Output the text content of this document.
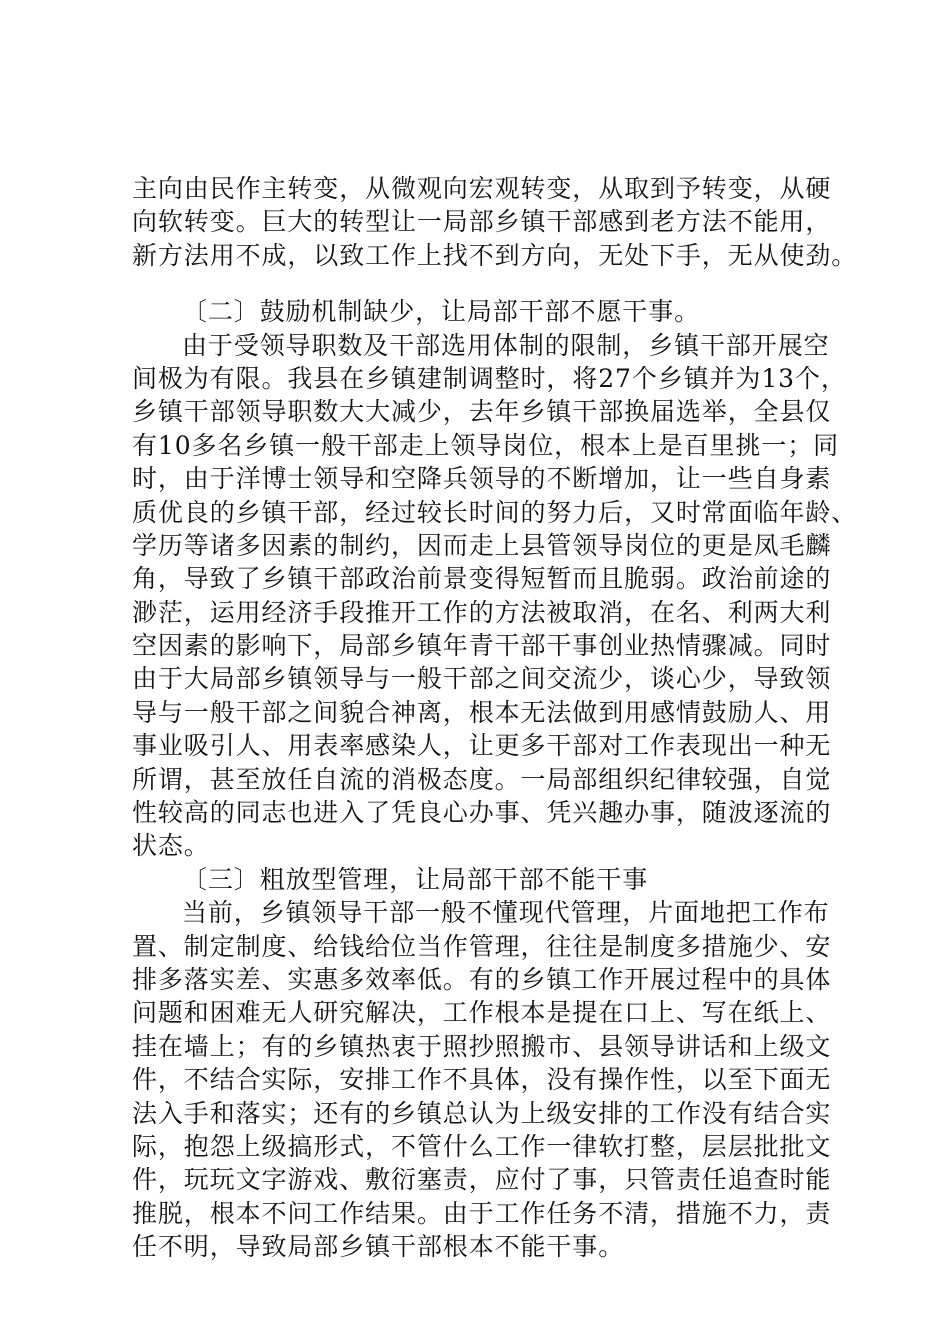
主向由民作主转变，从微观向宏观转变，从取到予转变，从硬
向软转变。巨大的转型让一局部乡镇干部感到老方法不能用，
新方法用不成，以致工作上找不到方向，无处下手，无从使劲。
〔二〕鼓励机制缺少，让局部干部不愿干事。
由于受领导职数及干部选用体制的限制，乡镇干部开展空
间极为有限。我县在乡镇建制调整时，将27个乡镇并为13个，
乡镇干部领导职数大大减少，去年乡镇干部换届选举，全县仅
有10多名乡镇一般干部走上领导岗位，根本上是百里挑一；同
时，由于洋博士领导和空降兵领导的不断增加，让一些自身素
质优良的乡镇干部，经过较长时间的努力后，又时常面临年龄、
学历等诸多因素的制约，因而走上县管领导岗位的更是凤毛麟
角，导致了乡镇干部政治前景变得短暂而且脆弱。政治前途的
渺茫，运用经济手段推开工作的方法被取消，在名、利两大利
空因素的影响下，局部乡镇年青干部干事创业热情骤减。同时
由于大局部乡镇领导与一般干部之间交流少，谈心少，导致领
导与一般干部之间貌合神离，根本无法做到用感情鼓励人、用
事业吸引人、用表率感染人，让更多干部对工作表现出一种无
所谓，甚至放任自流的消极态度。一局部组织纪律较强，自觉
性较高的同志也进入了凭良心办事、凭兴趣办事，随波逐流的
状态。
〔三〕粗放型管理，让局部干部不能干事
当前，乡镇领导干部一般不懂现代管理，片面地把工作布
置、制定制度、给钱给位当作管理，往往是制度多措施少、安
排多落实差、实惠多效率低。有的乡镇工作开展过程中的具体
问题和困难无人研究解决，工作根本是提在口上、写在纸上、
挂在墙上；有的乡镇热衷于照抄照搬市、县领导讲话和上级文
件，不结合实际，安排工作不具体，没有操作性，以至下面无
法入手和落实；还有的乡镇总认为上级安排的工作没有结合实
际，抱怨上级搞形式，不管什么工作一律软打整，层层批批文
件，玩玩文字游戏、敷衍塞责，应付了事，只管责任追查时能
推脱，根本不问工作结果。由于工作任务不清，措施不力，责
任不明，导致局部乡镇干部根本不能干事。
